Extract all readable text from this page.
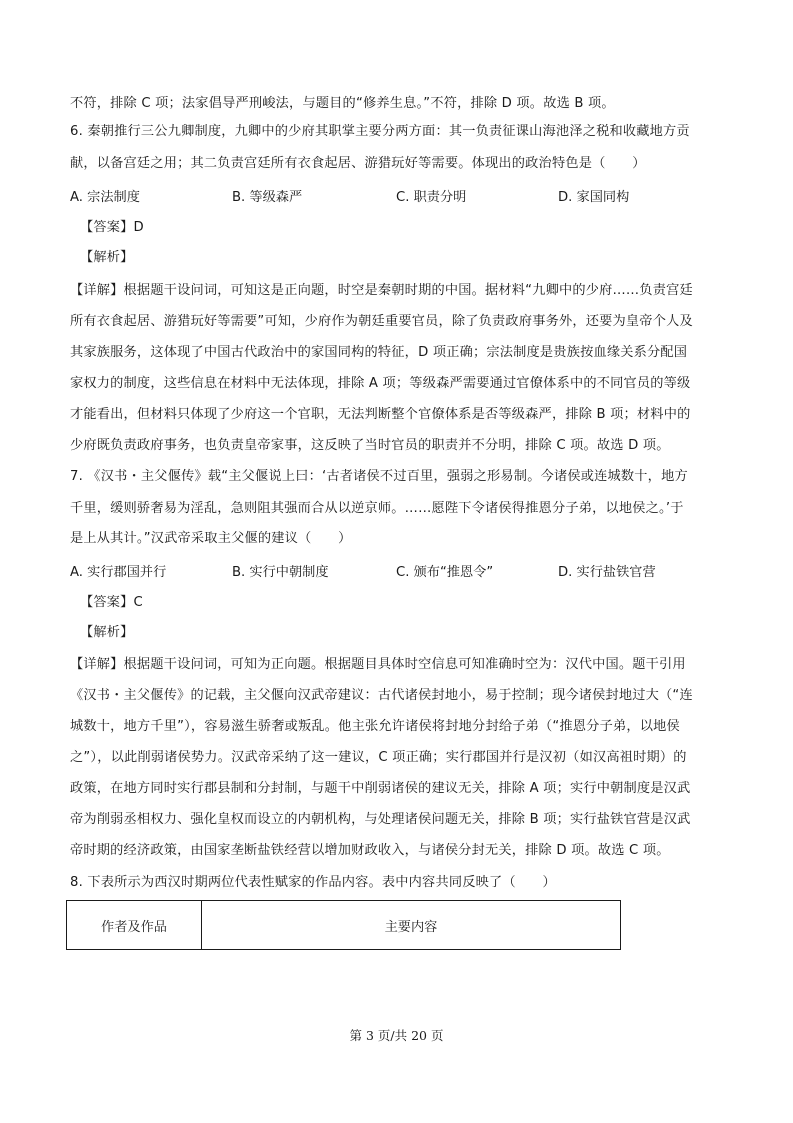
不符，排除 C 项；法家倡导严刑峻法，与题目的“修养生息。”不符，排除 D 项。故选 B 项。
6. 秦朝推行三公九卿制度，九卿中的少府其职掌主要分两方面：其一负责征课山海池泽之税和收藏地方贡
献，以备宫廷之用；其二负责宫廷所有衣食起居、游猎玩好等需要。体现出的政治特色是（　　）
A. 宗法制度	B. 等级森严	C. 职责分明	D. 家国同构
【答案】D
【解析】
【详解】根据题干设问词，可知这是正向题，时空是秦朝时期的中国。据材料“九卿中的少府……负责宫廷
所有衣食起居、游猎玩好等需要”可知，少府作为朝廷重要官员，除了负责政府事务外，还要为皇帝个人及
其家族服务，这体现了中国古代政治中的家国同构的特征，D 项正确；宗法制度是贵族按血缘关系分配国
家权力的制度，这些信息在材料中无法体现，排除 A 项；等级森严需要通过官僚体系中的不同官员的等级
才能看出，但材料只体现了少府这一个官职，无法判断整个官僚体系是否等级森严，排除 B 项；材料中的
少府既负责政府事务，也负责皇帝家事，这反映了当时官员的职责并不分明，排除 C 项。故选 D 项。
7. 《汉书・主父偃传》载“主父偃说上曰：‘古者诸侯不过百里，强弱之形易制。今诸侯或连城数十，地方
千里，缓则骄奢易为淫乱，急则阻其强而合从以逆京师。……愿陛下令诸侯得推恩分子弟，以地侯之。’于
是上从其计。”汉武帝采取主父偃的建议（　　）
A. 实行郡国并行	B. 实行中朝制度	C. 颁布“推恩令”	D. 实行盐铁官营
【答案】C
【解析】
【详解】根据题干设问词，可知为正向题。根据题目具体时空信息可知准确时空为：汉代中国。题干引用
《汉书・主父偃传》的记载，主父偃向汉武帝建议：古代诸侯封地小，易于控制；现今诸侯封地过大（“连
城数十，地方千里”），容易滋生骄奢或叛乱。他主张允许诸侯将封地分封给子弟（“推恩分子弟，以地侯
之”），以此削弱诸侯势力。汉武帝采纳了这一建议，C 项正确；实行郡国并行是汉初（如汉高祖时期）的
政策，在地方同时实行郡县制和分封制，与题干中削弱诸侯的建议无关，排除 A 项；实行中朝制度是汉武
帝为削弱丞相权力、强化皇权而设立的内朝机构，与处理诸侯问题无关，排除 B 项；实行盐铁官营是汉武
帝时期的经济政策，由国家垄断盐铁经营以增加财政收入，与诸侯分封无关，排除 D 项。故选 C 项。
8. 下表所示为西汉时期两位代表性赋家的作品内容。表中内容共同反映了（　　）
作者及作品	主要内容
第 3 页/共 20 页
